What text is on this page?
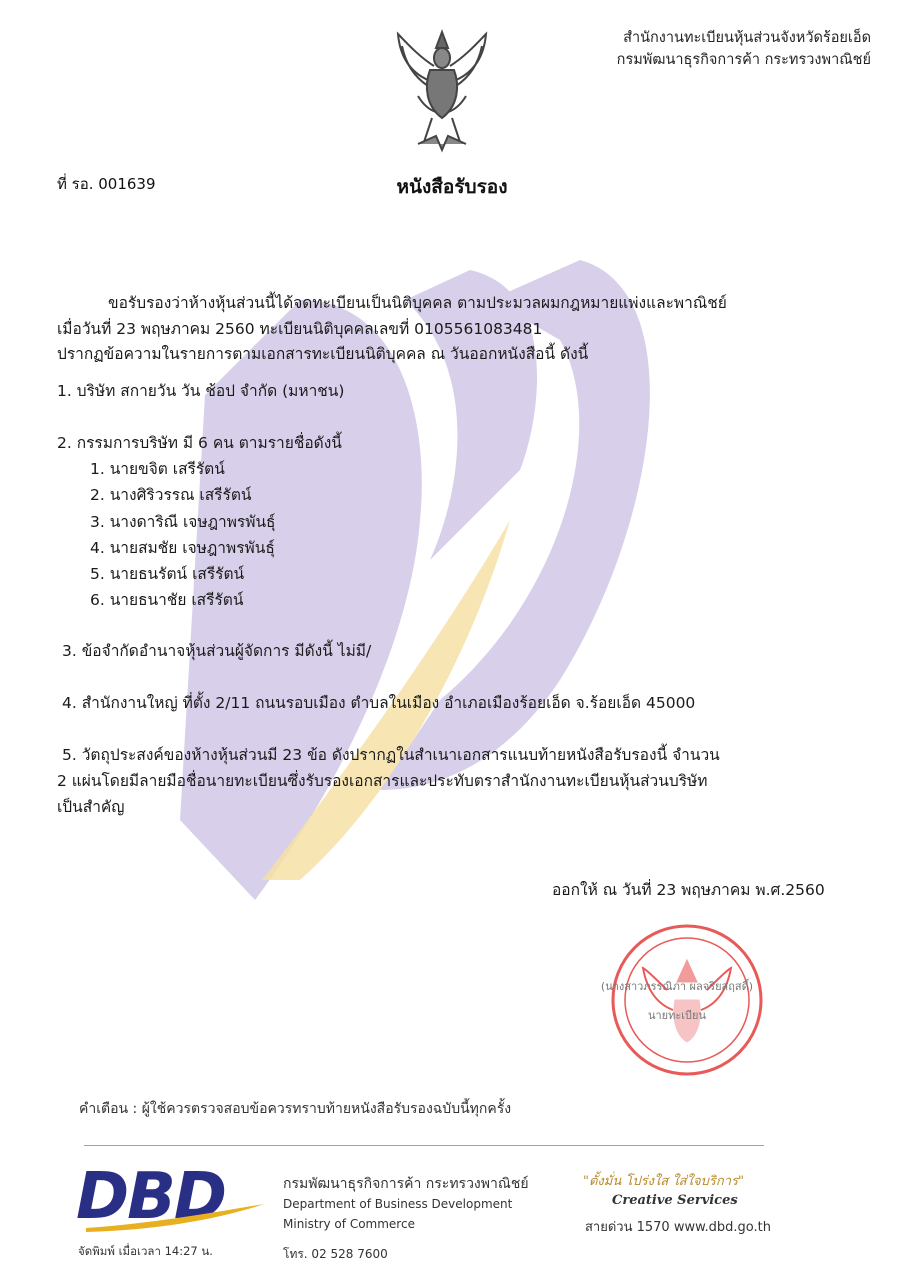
สำนักงานทะเบียนหุ้นส่วนจังหวัดร้อยเอ็ด
กรมพัฒนาธุรกิจการค้า กระทรวงพาณิชย์
ที่ รอ. 001639	หนังสือรับรอง
ขอรับรองว่าห้างหุ้นส่วนนี้ได้จดทะเบียนเป็นนิติบุคคล ตามประมวลผมกฎหมายแพ่งและพาณิชย์
เมื่อวันที่ 23 พฤษภาคม 2560 ทะเบียนนิติบุคคลเลขที่ 0105561083481
ปรากฏข้อความในรายการตามเอกสารทะเบียนนิติบุคคล ณ วันออกหนังสือนี้ ดังนี้
1. บริษัท สกายวัน วัน ช้อป จำกัด (มหาชน)
2. กรรมการบริษัท มี 6 คน ตามรายชื่อดังนี้
1. นายขจิต เสรีรัตน์
2. นางศิริวรรณ เสรีรัตน์
3. นางดาริณี เจษฎาพรพันธุ์
4. นายสมชัย เจษฎาพรพันธุ์
5. นายธนรัตน์ เสรีรัตน์
6. นายธนาชัย เสรีรัตน์
3. ข้อจำกัดอำนาจหุ้นส่วนผู้จัดการ มีดังนี้ ไม่มี/
4. สำนักงานใหญ่ ที่ตั้ง 2/11 ถนนรอบเมือง ตำบลในเมือง อำเภอเมืองร้อยเอ็ด จ.ร้อยเอ็ด 45000
5. วัตถุประสงค์ของห้างหุ้นส่วนมี 23 ข้อ ดังปรากฏในสำเนาเอกสารแนบท้ายหนังสือรับรองนี้ จำนวน
2 แผ่นโดยมีลายมือชื่อนายทะเบียนซึ่งรับรองเอกสารและประทับตราสำนักงานทะเบียนหุ้นส่วนบริษัท
เป็นสำคัญ
ออกให้ ณ วันที่ 23 พฤษภาคม พ.ศ.2560
(นางสาวภรรณิภา ผลจริยสฤสดิ์)
นายทะเบียน
คำเตือน : ผู้ใช้ควรตรวจสอบข้อควรทราบท้ายหนังสือรับรองฉบับนี้ทุกครั้ง
DBD
จัดพิมพ์ เมื่อเวลา 14:27 น.
กรมพัฒนาธุรกิจการค้า กระทรวงพาณิชย์
Department of Business Development
Ministry of Commerce
โทร. 02 528 7600
"ตั้งมั่น โปร่งใส ใส่ใจบริการ"
Creative Services
สายด่วน 1570 www.dbd.go.th
